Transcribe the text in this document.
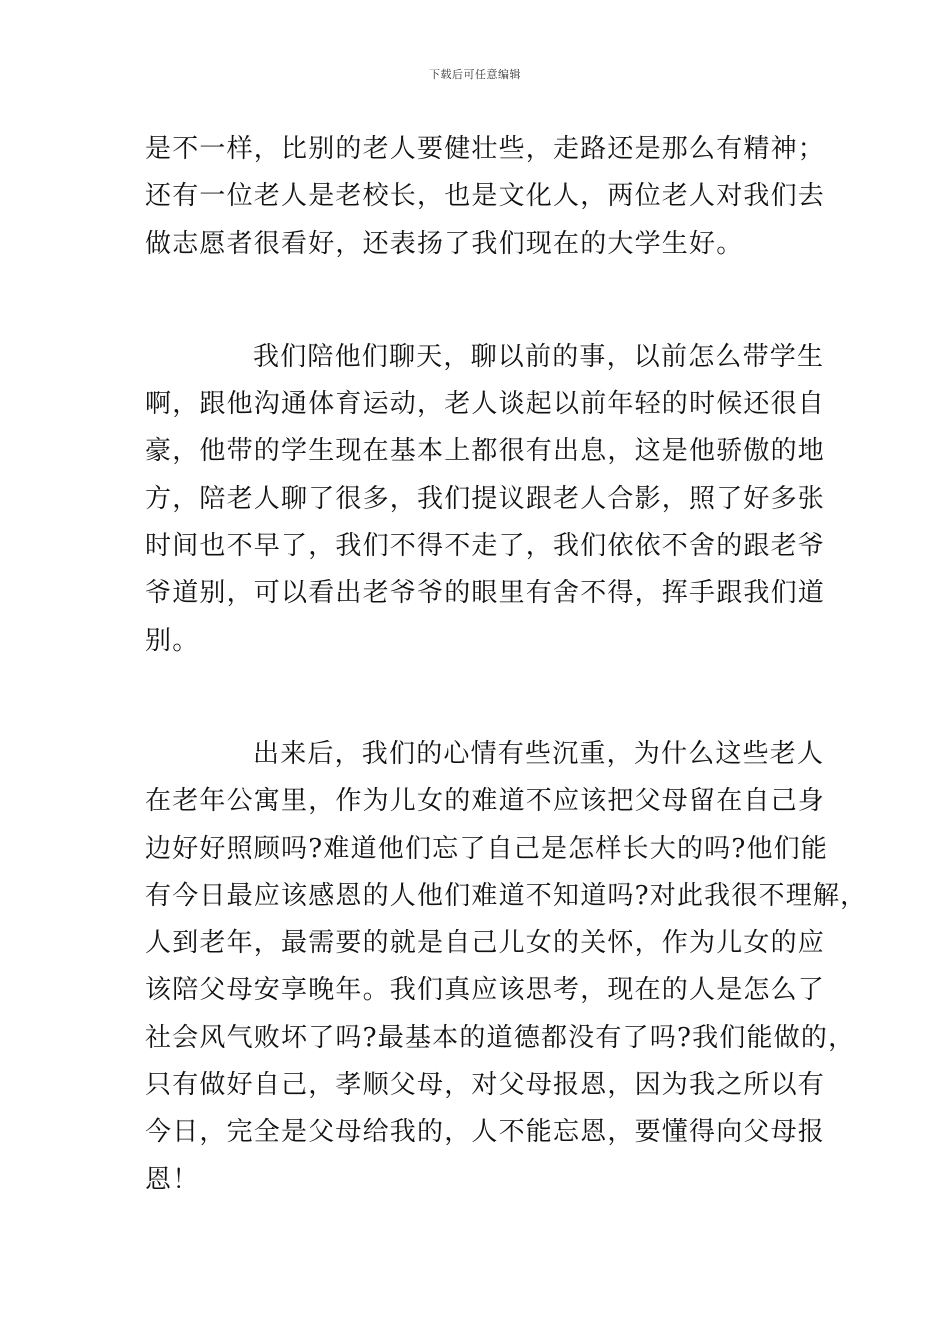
下载后可任意编辑
是不一样，比别的老人要健壮些，走路还是那么有精神；
还有一位老人是老校长，也是文化人，两位老人对我们去
做志愿者很看好，还表扬了我们现在的大学生好。
我们陪他们聊天，聊以前的事，以前怎么带学生
啊，跟他沟通体育运动，老人谈起以前年轻的时候还很自
豪，他带的学生现在基本上都很有出息，这是他骄傲的地
方，陪老人聊了很多，我们提议跟老人合影，照了好多张
时间也不早了，我们不得不走了，我们依依不舍的跟老爷
爷道别，可以看出老爷爷的眼里有舍不得，挥手跟我们道
别。
出来后，我们的心情有些沉重，为什么这些老人
在老年公寓里，作为儿女的难道不应该把父母留在自己身
边好好照顾吗?难道他们忘了自己是怎样长大的吗?他们能
有今日最应该感恩的人他们难道不知道吗?对此我很不理解，
人到老年，最需要的就是自己儿女的关怀，作为儿女的应
该陪父母安享晚年。我们真应该思考，现在的人是怎么了
社会风气败坏了吗?最基本的道德都没有了吗?我们能做的，
只有做好自己，孝顺父母，对父母报恩，因为我之所以有
今日，完全是父母给我的，人不能忘恩，要懂得向父母报
恩！
